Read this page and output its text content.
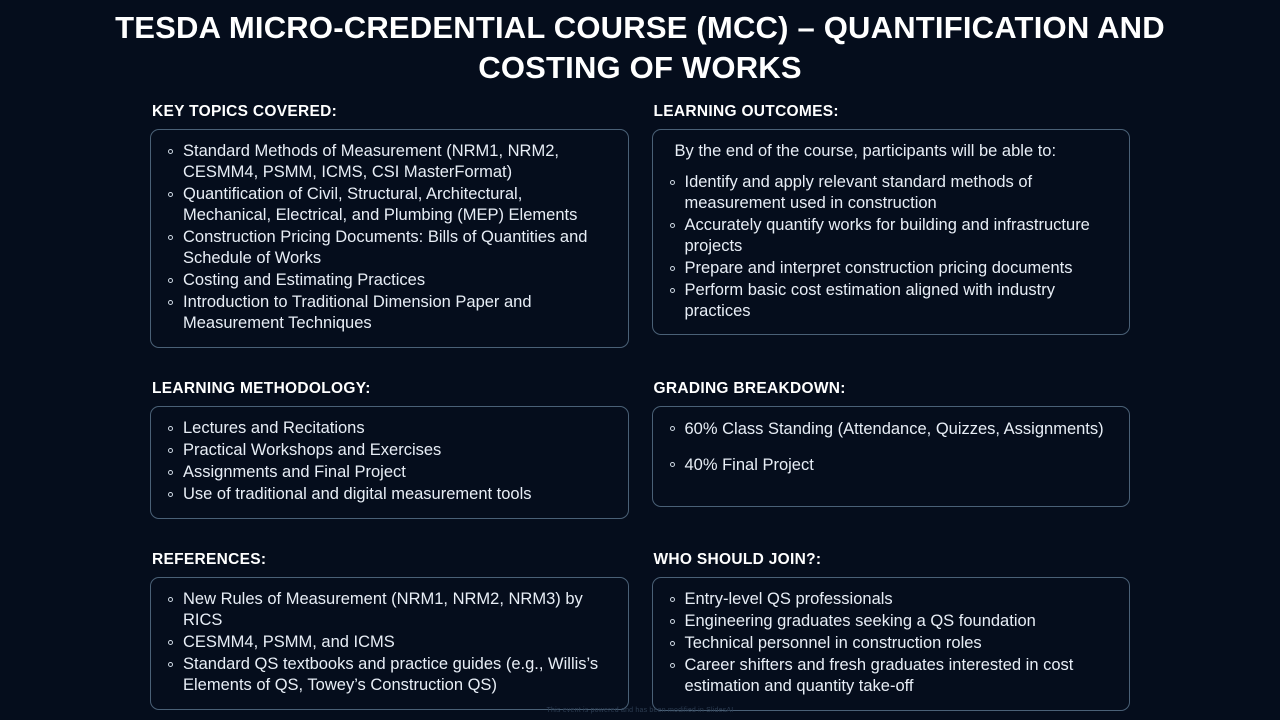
TESDA MICRO-CREDENTIAL COURSE (MCC) – QUANTIFICATION AND COSTING OF WORKS
KEY TOPICS COVERED:
Standard Methods of Measurement (NRM1, NRM2, CESMM4, PSMM, ICMS, CSI MasterFormat)
Quantification of Civil, Structural, Architectural, Mechanical, Electrical, and Plumbing (MEP) Elements
Construction Pricing Documents: Bills of Quantities and Schedule of Works
Costing and Estimating Practices
Introduction to Traditional Dimension Paper and Measurement Techniques
LEARNING OUTCOMES:
By the end of the course, participants will be able to:
Identify and apply relevant standard methods of measurement used in construction
Accurately quantify works for building and infrastructure projects
Prepare and interpret construction pricing documents
Perform basic cost estimation aligned with industry practices
LEARNING METHODOLOGY:
Lectures and Recitations
Practical Workshops and Exercises
Assignments and Final Project
Use of traditional and digital measurement tools
GRADING BREAKDOWN:
60% Class Standing (Attendance, Quizzes, Assignments)
40% Final Project
REFERENCES:
New Rules of Measurement (NRM1, NRM2, NRM3) by RICS
CESMM4, PSMM, and ICMS
Standard QS textbooks and practice guides (e.g., Willis’s Elements of QS, Towey’s Construction QS)
WHO SHOULD JOIN?:
Entry-level QS professionals
Engineering graduates seeking a QS foundation
Technical personnel in construction roles
Career shifters and fresh graduates interested in cost estimation and quantity take-off
This event is powered and has been modified in SlidesAI
